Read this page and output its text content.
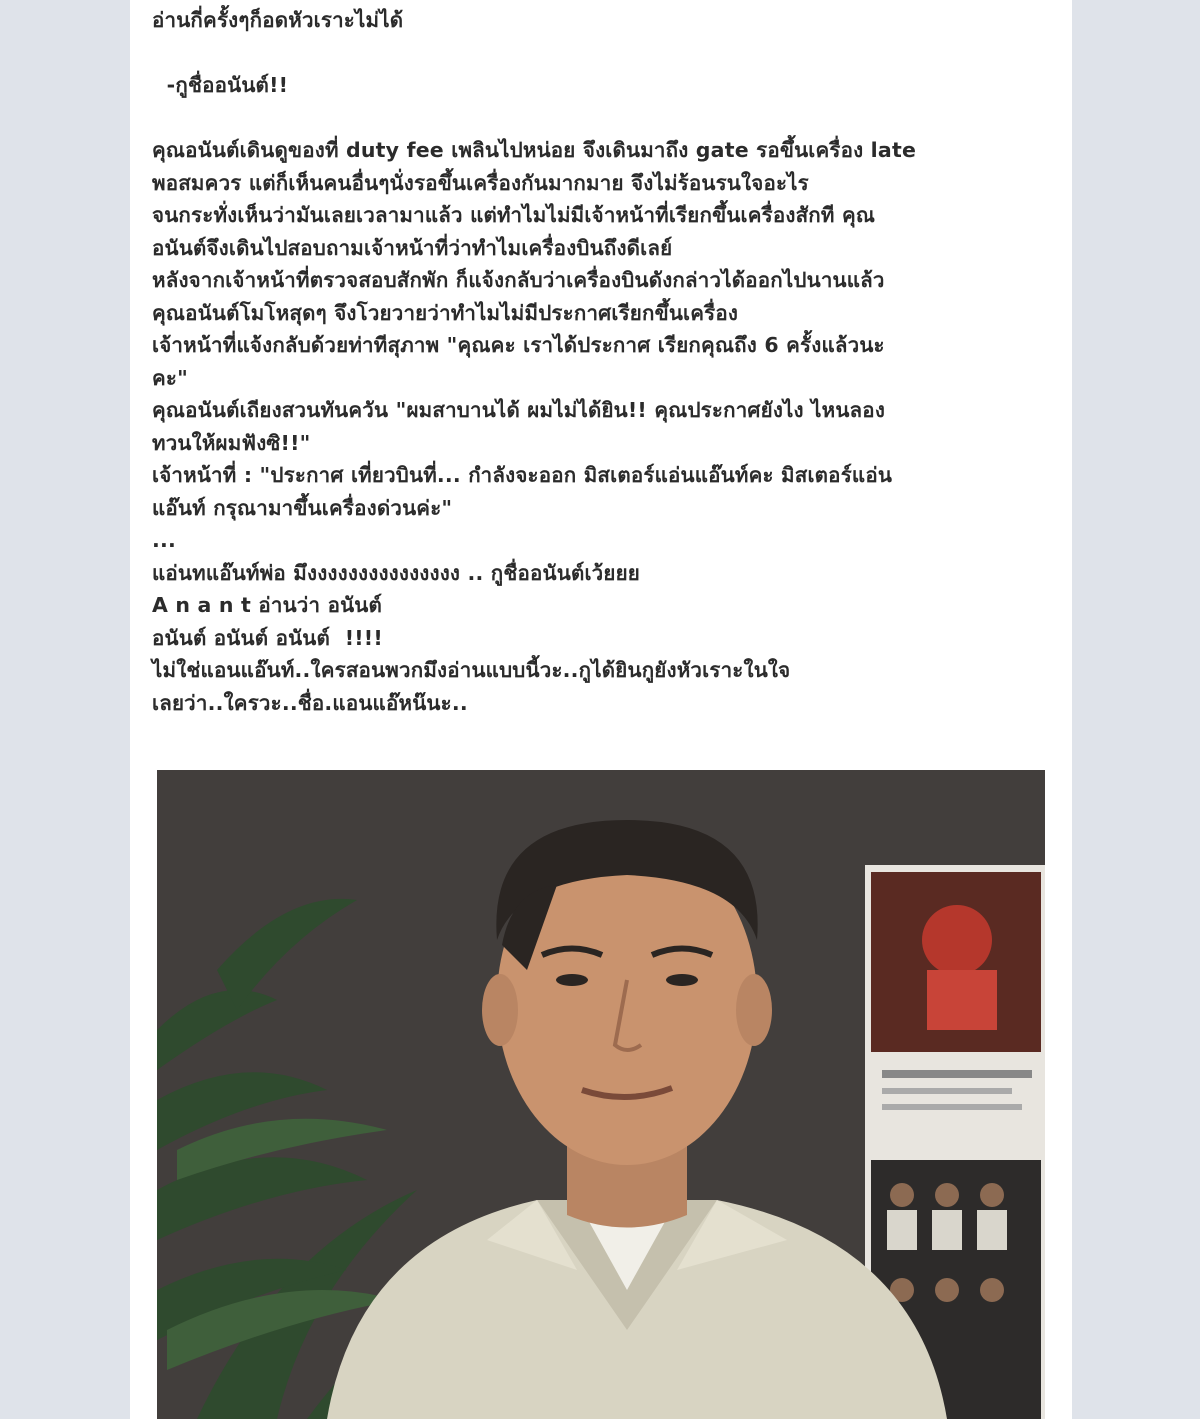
อ่านกี่ครั้งๆก็อดหัวเราะไม่ได้
-กูชื่ออนันต์!!
คุณอนันต์เดินดูของที่ duty fee เพลินไปหน่อย จึงเดินมาถึง gate รอขึ้นเครื่อง late
พอสมควร แต่ก็เห็นคนอื่นๆนั่งรอขึ้นเครื่องกันมากมาย จึงไม่ร้อนรนใจอะไร
จนกระทั่งเห็นว่ามันเลยเวลามาแล้ว แต่ทำไมไม่มีเจ้าหน้าที่เรียกขึ้นเครื่องสักที คุณ
อนันต์จึงเดินไปสอบถามเจ้าหน้าที่ว่าทำไมเครื่องบินถึงดีเลย์
หลังจากเจ้าหน้าที่ตรวจสอบสักพัก ก็แจ้งกลับว่าเครื่องบินดังกล่าวได้ออกไปนานแล้ว
คุณอนันต์โมโหสุดๆ จึงโวยวายว่าทำไมไม่มีประกาศเรียกขึ้นเครื่อง
เจ้าหน้าที่แจ้งกลับด้วยท่าทีสุภาพ "คุณคะ เราได้ประกาศ เรียกคุณถึง 6 ครั้งแล้วนะ
คะ"
คุณอนันต์เถียงสวนทันควัน "ผมสาบานได้ ผมไม่ได้ยิน!! คุณประกาศยังไง ไหนลอง
ทวนให้ผมฟังซิ!!"
เจ้าหน้าที่ : "ประกาศ เที่ยวบินที่... กำลังจะออก มิสเตอร์แอ่นแอ๊นท์คะ มิสเตอร์แอ่น
แอ๊นท์ กรุณามาขึ้นเครื่องด่วนค่ะ"
...
แอ่นทแอ๊นท์พ่อ มึงงงงงงงงงงงงงงง .. กูชื่ออนันต์เว้ยยย
A n a n t อ่านว่า อนันต์
อนันต์ อนันต์ อนันต์  !!!!
ไม่ใช่แอนแอ๊นท์..ใครสอนพวกมึงอ่านแบบนี้วะ..กูได้ยินกูยังหัวเราะในใจ
เลยว่า..ใครวะ..ชื่อ.แอนแอ๊หน๊นะ..
